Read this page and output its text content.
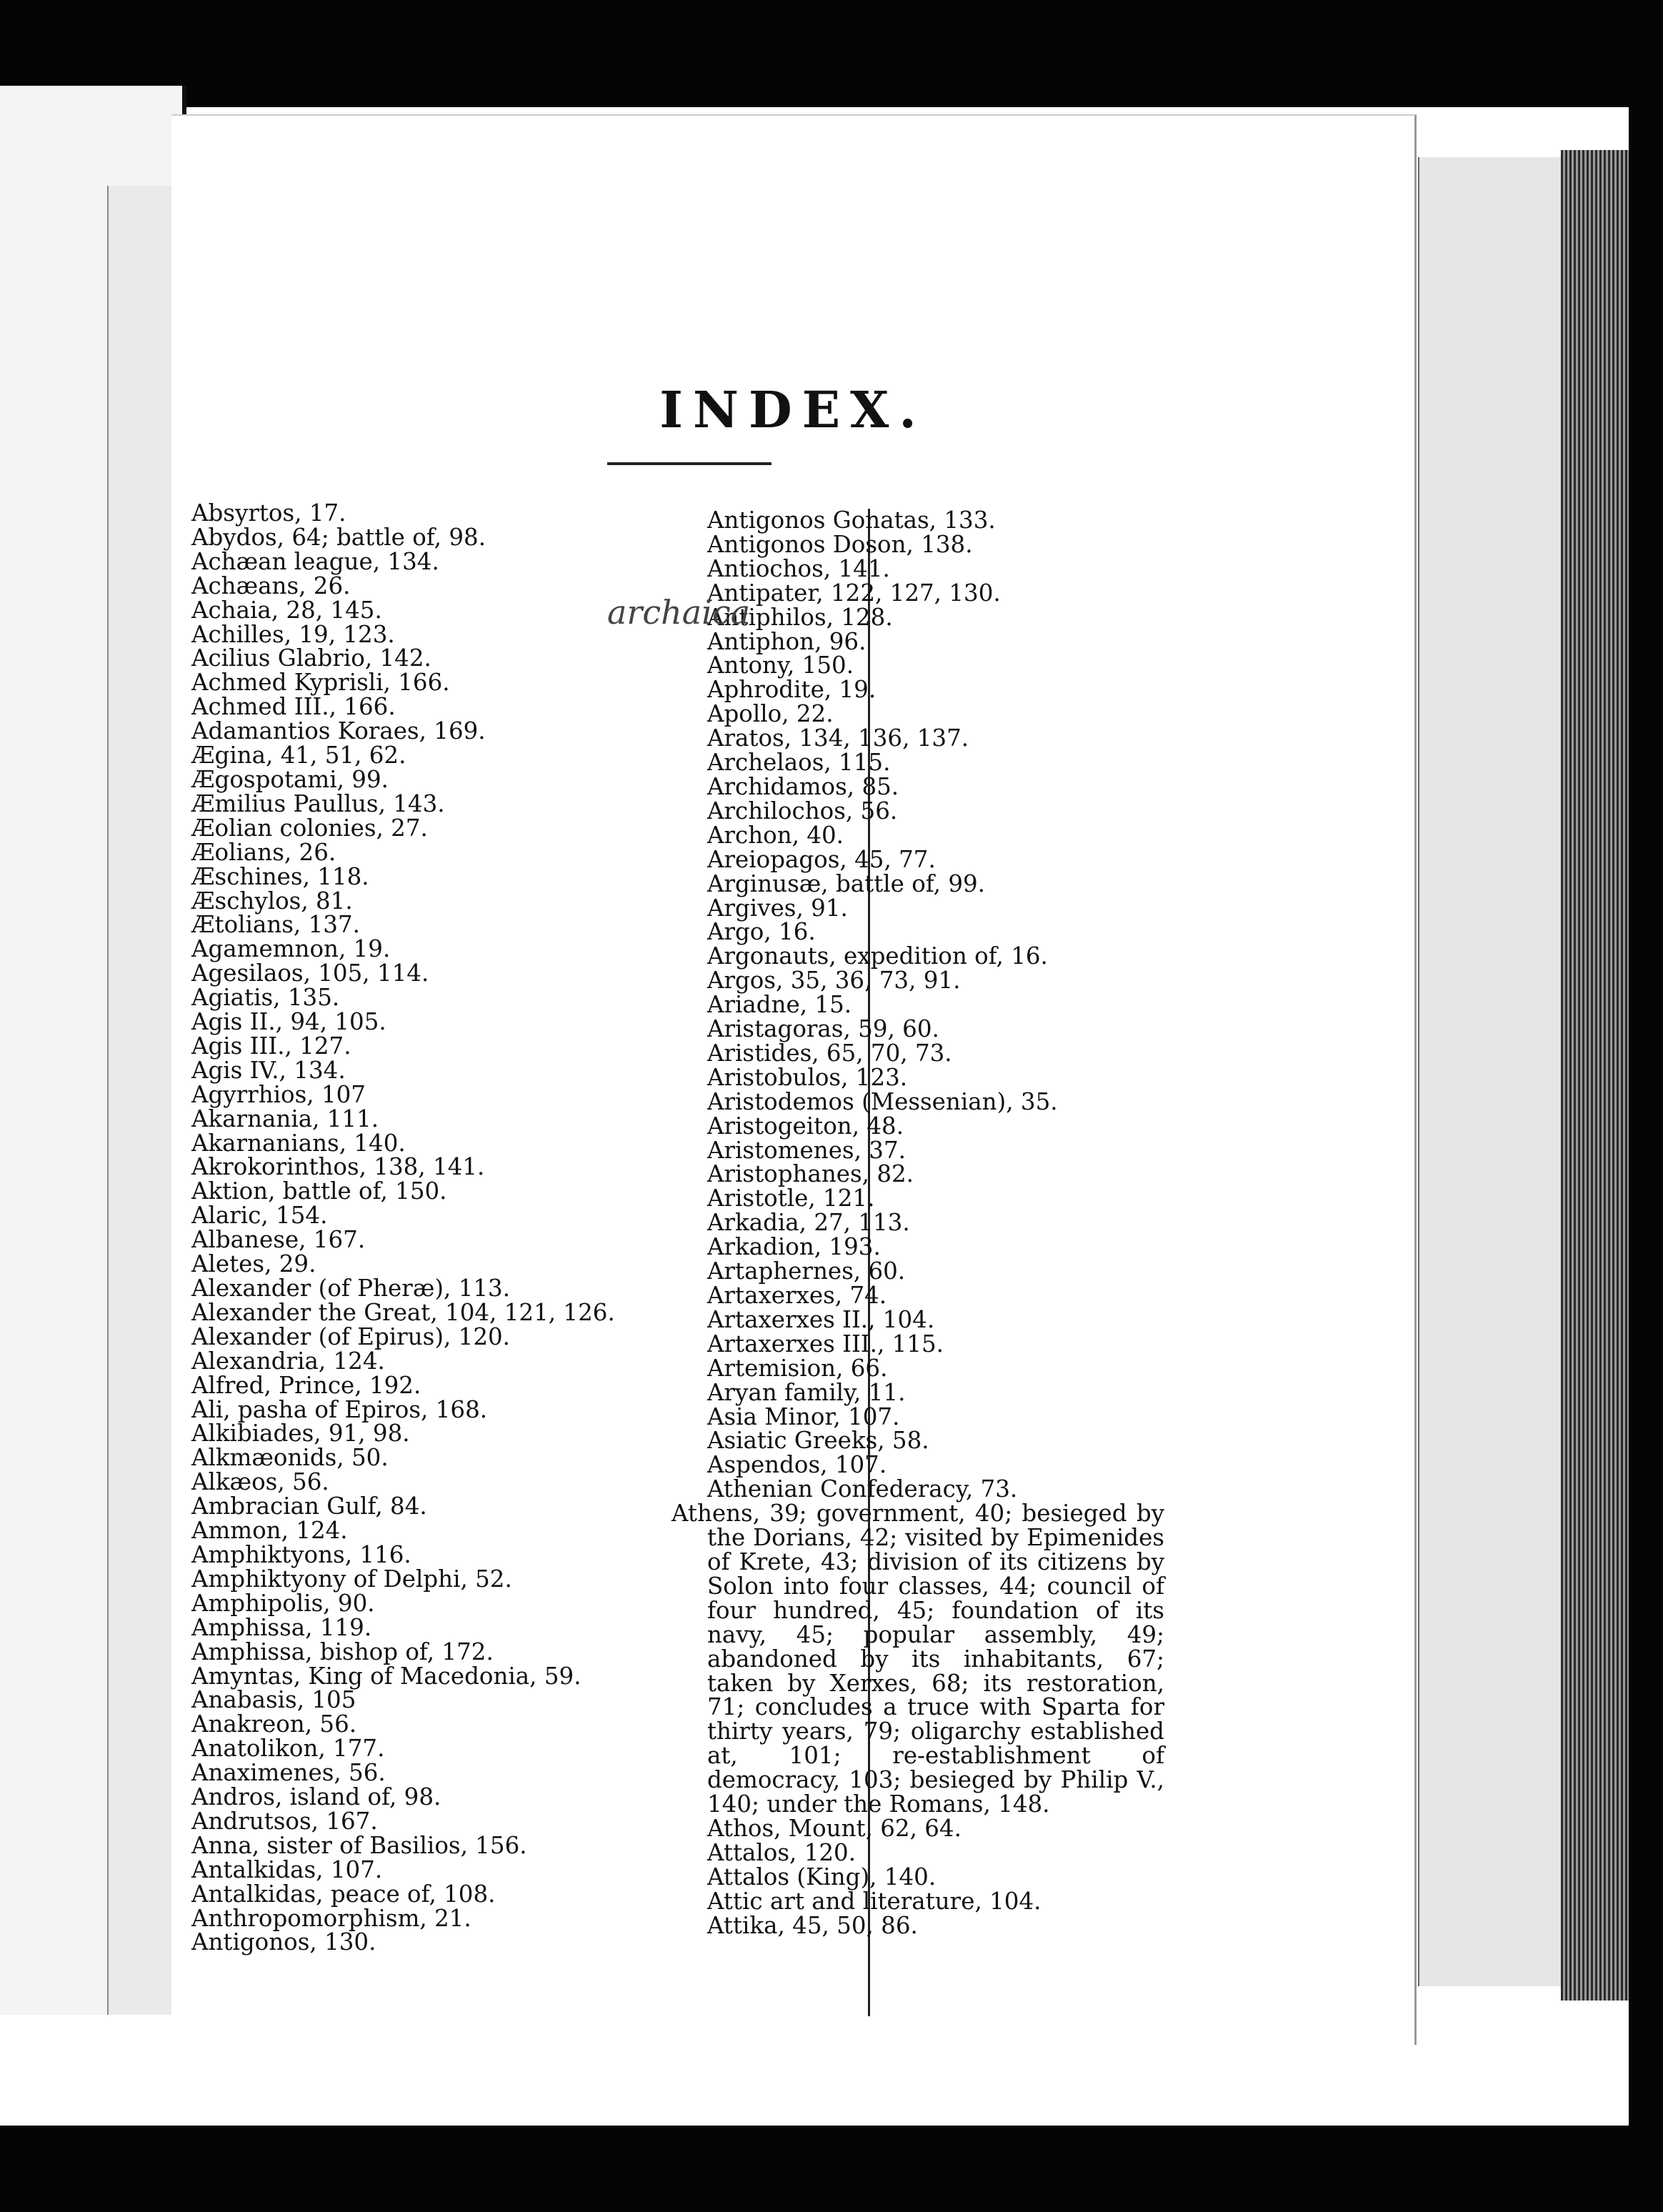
INDEX.
Absyrtos, 17.
Abydos, 64; battle of, 98.
Achæan league, 134.
Achæans, 26.
Achaia, 28, 145.
Achilles, 19, 123.
Acilius Glabrio, 142.
Achmed Kyprisli, 166.
Achmed III., 166.
Adamantios Koraes, 169.
Ægina, 41, 51, 62.
Ægospotami, 99.
Æmilius Paullus, 143.
Æolian colonies, 27.
Æolians, 26.
Æschines, 118.
Æschylos, 81.
Ætolians, 137.
Agamemnon, 19.
Agesilaos, 105, 114.
Agiatis, 135.
Agis II., 94, 105.
Agis III., 127.
Agis IV., 134.
Agyrrhios, 107
Akarnania, 111.
Akarnanians, 140.
Akrokorinthos, 138, 141.
Aktion, battle of, 150.
Alaric, 154.
Albanese, 167.
Aletes, 29.
Alexander (of Pheræ), 113.
Alexander the Great, 104, 121, 126.
Alexander (of Epirus), 120.
Alexandria, 124.
Alfred, Prince, 192.
Ali, pasha of Epiros, 168.
Alkibiades, 91, 98.
Alkmæonids, 50.
Alkæos, 56.
Ambracian Gulf, 84.
Ammon, 124.
Amphiktyons, 116.
Amphiktyony of Delphi, 52.
Amphipolis, 90.
Amphissa, 119.
Amphissa, bishop of, 172.
Amyntas, King of Macedonia, 59.
Anabasis, 105
Anakreon, 56.
Anatolikon, 177.
Anaximenes, 56.
Andros, island of, 98.
Andrutsos, 167.
Anna, sister of Basilios, 156.
Antalkidas, 107.
Antalkidas, peace of, 108.
Anthropomorphism, 21.
Antigonos, 130.
Antigonos Gonatas, 133.
Antigonos Doson, 138.
Antiochos, 141.
Antipater, 122, 127, 130.
Antiphilos, 128.
Antiphon, 96.
Antony, 150.
Aphrodite, 19.
Apollo, 22.
Aratos, 134, 136, 137.
Archelaos, 115.
Archidamos, 85.
Archilochos, 56.
Archon, 40.
Areiopagos, 45, 77.
Arginusæ, battle of, 99.
Argives, 91.
Argo, 16.
Argonauts, expedition of, 16.
Argos, 35, 36, 73, 91.
Ariadne, 15.
Aristagoras, 59, 60.
Aristides, 65, 70, 73.
Aristobulos, 123.
Aristodemos (Messenian), 35.
Aristogeiton, 48.
Aristomenes, 37.
Aristophanes, 82.
Aristotle, 121.
Arkadia, 27, 113.
Arkadion, 193.
Artaphernes, 60.
Artaxerxes, 74.
Artaxerxes II., 104.
Artaxerxes III., 115.
Artemision, 66.
Aryan family, 11.
Asia Minor, 107.
Asiatic Greeks, 58.
Aspendos, 107.
Athenian Confederacy, 73.
Athens, 39; government, 40; besieged by the Dorians, 42; visited by Epimenides of Krete, 43; division of its citizens by Solon into four classes, 44; council of four hundred, 45; foundation of its navy, 45; popular assembly, 49; abandoned by its inhabitants, 67; taken by Xerxes, 68; its restoration, 71; concludes a truce with Sparta for thirty years, 79; oligarchy established at, 101; re-establishment of democracy, 103; besieged by Philip V., 140; under the Romans, 148.
Athos, Mount, 62, 64.
Attalos, 120.
Attalos (King), 140.
Attic art and literature, 104.
Attika, 45, 50, 86.
archaica
